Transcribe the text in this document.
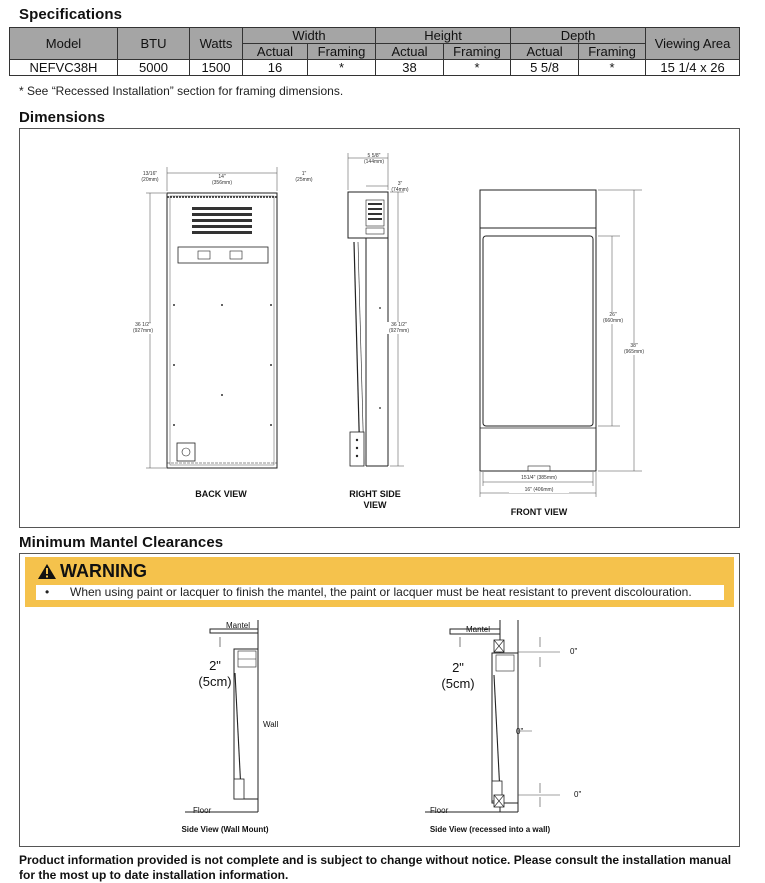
Specifications
Model	BTU	Watts	Width		Height		Depth		Viewing Area
			Actual	Framing	Actual	Framing	Actual	Framing	
NEFVC38H	5000	1500	16	*	38	*	5 5/8	*	15 1/4 x 26
* See “Recessed Installation” section for framing dimensions.
Dimensions
13/16"
(20mm)	14"
(356mm)
1"
(25mm)
36 1/2"
(927mm)
BACK VIEW
5 5/8"
(144mm)
3"
(74mm)
36 1/2"
(927mm)
RIGHT SIDE
VIEW
26"
(660mm)
38"
(965mm)
151/4" (385mm)
16" (406mm)
FRONT VIEW
Minimum Mantel Clearances
WARNING
• When using paint or lacquer to finish the mantel, the paint or lacquer must be heat resistant to prevent discolouration.
Mantel
2"
(5cm)
Wall
Floor
Side View (Wall Mount)
Mantel
2"
(5cm)
0"
0"
0"
Floor
Side View (recessed into a wall)
Product information provided is not complete and is subject to change without notice. Please consult the installation manual for the most up to date installation information.
